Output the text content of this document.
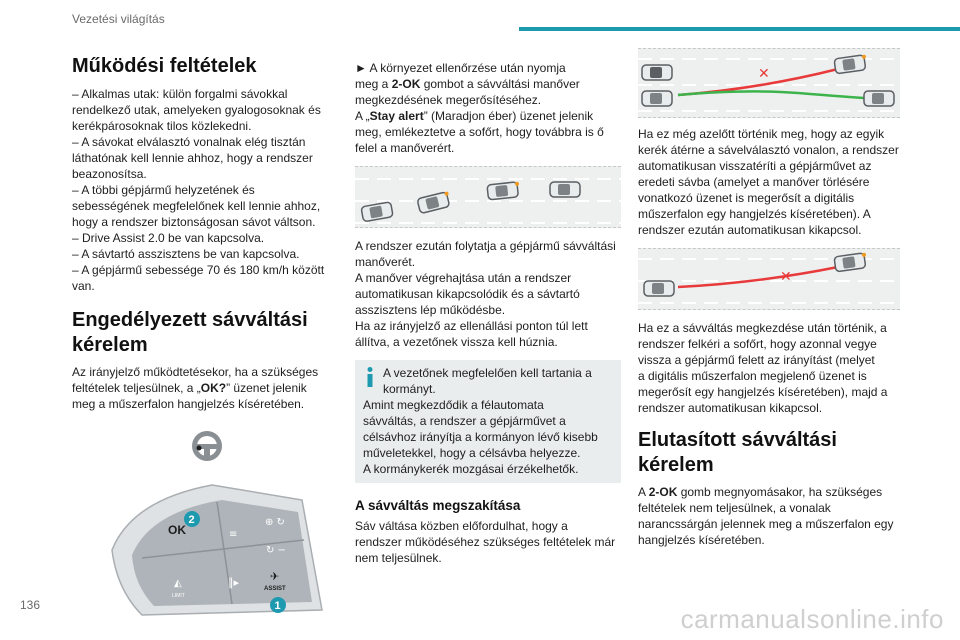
Vezetési világítás
Működési feltételek

– Alkalmas utak: külön forgalmi sávokkal
rendelkező utak, amelyeken gyalogosoknak és
kerékpárosoknak tilos közlekedni.
– A sávokat elválasztó vonalnak elég tisztán
láthatónak kell lennie ahhoz, hogy a rendszer
beazonosítsa.
– A többi gépjármű helyzetének és
sebességének megfelelőnek kell lennie ahhoz,
hogy a rendszer biztonságosan sávot váltson.
– Drive Assist 2.0 be van kapcsolva.
– A sávtartó asszisztens be van kapcsolva.
– A gépjármű sebessége 70 és 180 km/h között
van.

Engedélyezett sávváltási
kérelem

Az irányjelző működtetésekor, ha a szükséges
feltételek teljesülnek, a „OK?” üzenet jelenik
meg a műszerfalon hangjelzés kíséretében.

OK
2	⊕ ↻
≡
↻ −
◭
LIMIT
∥▸	✈
ASSIST
1

► A környezet ellenőrzése után nyomja
meg a 2-OK gombot a sávváltási manőver
megkezdésének megerősítéséhez.
A „Stay alert” (Maradjon éber) üzenet jelenik
meg, emlékeztetve a sofőrt, hogy továbbra is ő
felel a manőverért.

A rendszer ezután folytatja a gépjármű sávváltási
manőverét.
A manőver végrehajtása után a rendszer
automatikusan kikapcsolódik és a sávtartó
asszisztens lép működésbe.
Ha az irányjelző az ellenállási ponton túl lett
állítva, a vezetőnek vissza kell húznia.

A vezetőnek megfelelően kell tartania a
kormányt.
Amint megkezdődik a félautomata
sávváltás, a rendszer a gépjárművet a
célsávhoz irányítja a kormányon lévő kisebb
műveletekkel, hogy a célsávba helyezze.
A kormánykerék mozgásai érzékelhetők.

A sávváltás megszakítása

Sáv váltása közben előfordulhat, hogy a
rendszer működéséhez szükséges feltételek már
nem teljesülnek.

✕

Ha ez még azelőtt történik meg, hogy az egyik
kerék átérne a sávelválasztó vonalon, a rendszer
automatikusan visszatéríti a gépjárművet az
eredeti sávba (amelyet a manőver törlésére
vonatkozó üzenet is megerősít a digitális
műszerfalon egy hangjelzés kíséretében). A
rendszer ezután automatikusan kikapcsol.

✕

Ha ez a sávváltás megkezdése után történik, a
rendszer felkéri a sofőrt, hogy azonnal vegye
vissza a gépjármű felett az irányítást (melyet
a digitális műszerfalon megjelenő üzenet is
megerősít egy hangjelzés kíséretében), majd a
rendszer automatikusan kikapcsol.

Elutasított sávváltási
kérelem

A 2-OK gomb megnyomásakor, ha szükséges
feltételek nem teljesülnek, a vonalak
narancssárgán jelennek meg a műszerfalon egy
hangjelzés kíséretében.

136	carmanualsonline.info
